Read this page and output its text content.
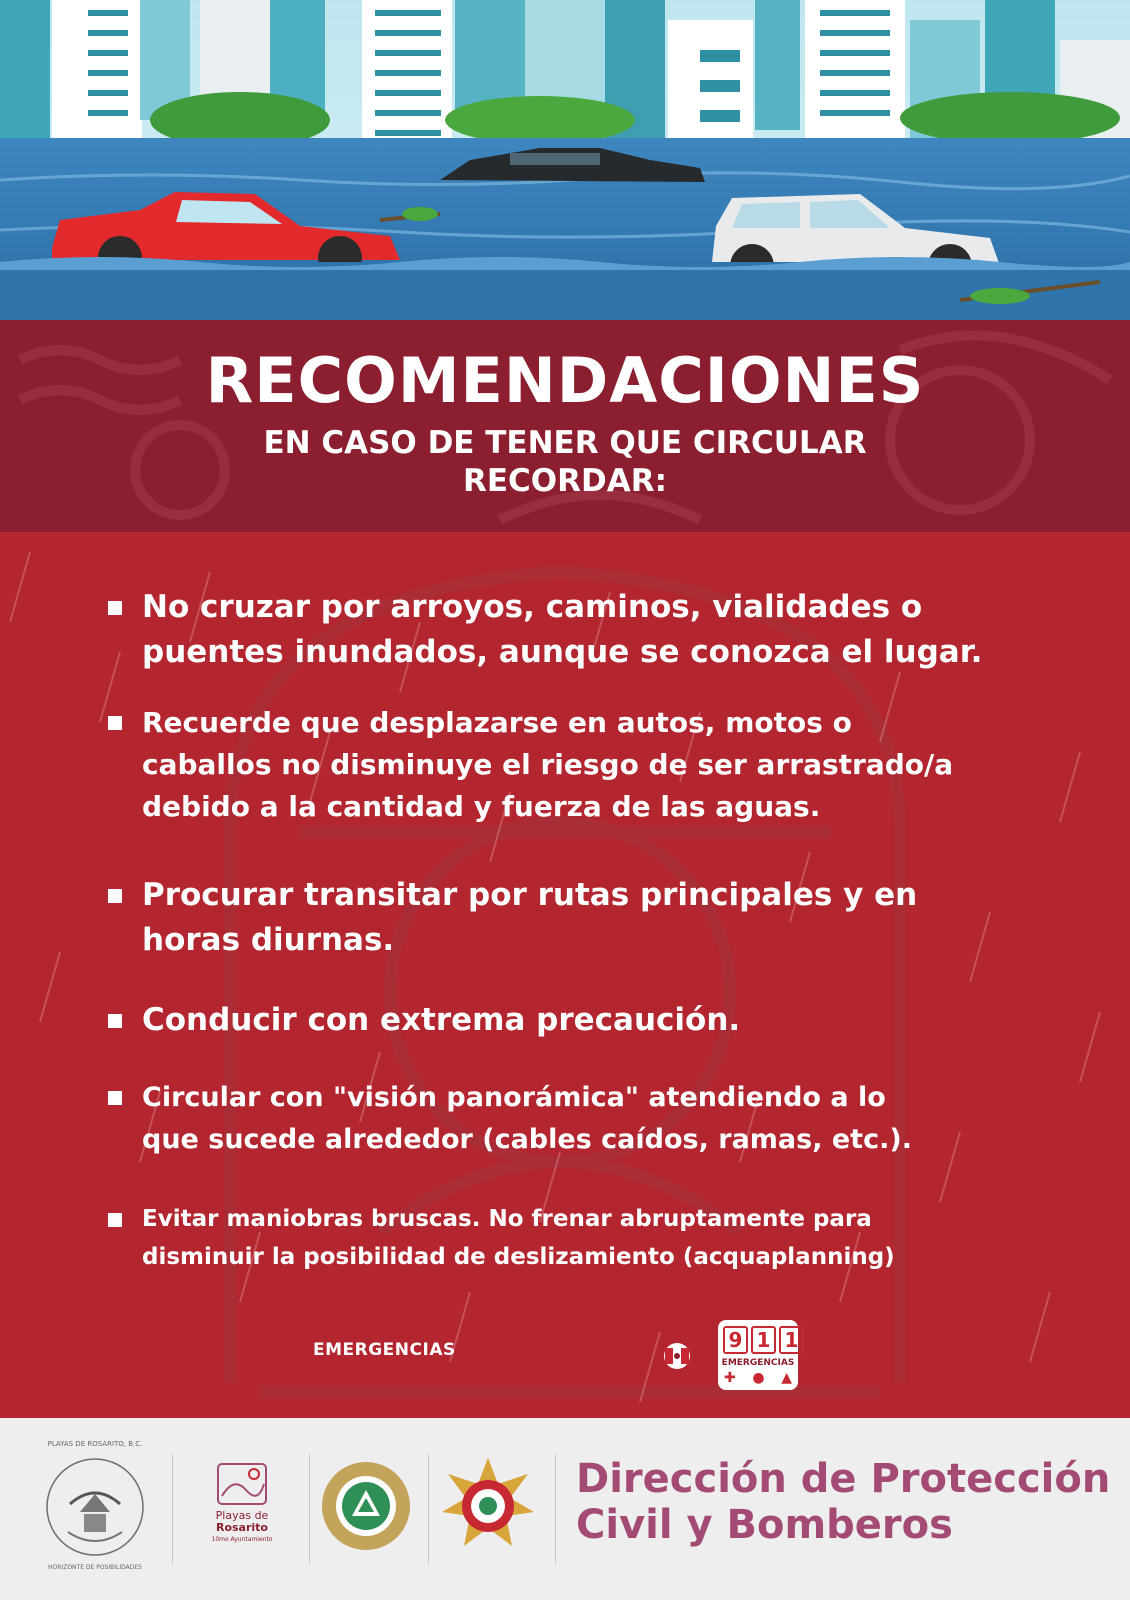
RECOMENDACIONES
EN CASO DE TENER QUE CIRCULAR
RECORDAR:
No cruzar por arroyos, caminos, vialidades o
puentes inundados, aunque se conozca el lugar.
Recuerde que desplazarse en autos, motos o
caballos no disminuye el riesgo de ser arrastrado/a
debido a la cantidad y fuerza de las aguas.
Procurar transitar por rutas principales y en
horas diurnas.
Conducir con extrema precaución.
Circular con "visión panorámica" atendiendo a lo
que sucede alrededor (cables caídos, ramas, etc.).
Evitar maniobras bruscas. No frenar abruptamente para
disminuir la posibilidad de deslizamiento (acquaplanning)
EMERGENCIAS	9 1 1
EMERGENCIAS
✚ ● ▲
PLAYAS DE ROSARITO, B.C.
HORIZONTE DE POSIBILIDADES
Playas de
Rosarito
10mo Ayuntamiento
Dirección de Protección
Civil y Bomberos
